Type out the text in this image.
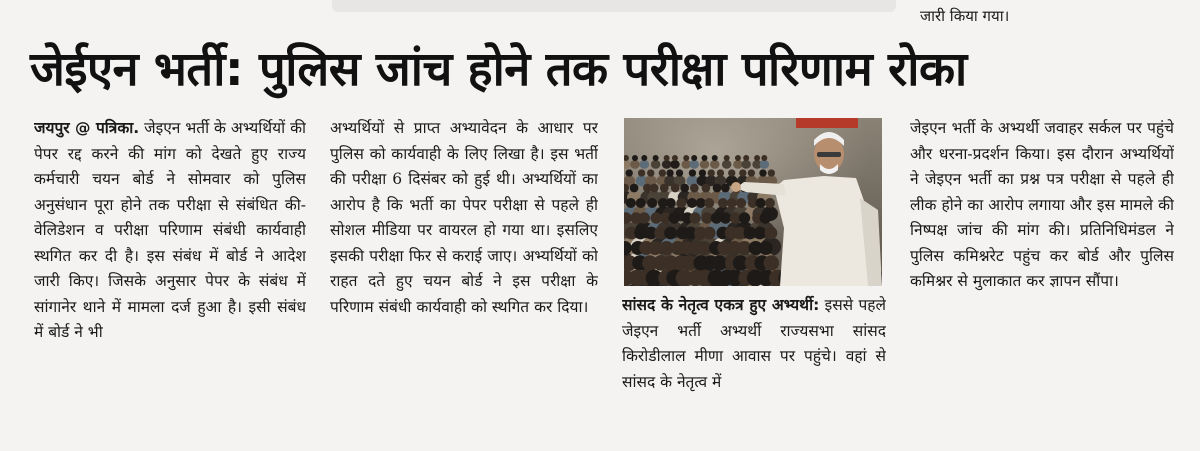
जारी किया गया।
जेईएन भर्ती: पुलिस जांच होने तक परीक्षा परिणाम रोका

जयपुर @ पत्रिका. जेइएन भर्ती के अभ्यर्थियों की पेपर रद्द करने की मांग को देखते हुए राज्य कर्मचारी चयन बोर्ड ने सोमवार को पुलिस अनुसंधान पूरा होने तक परीक्षा से संबंधित की-वेलिडेशन व परीक्षा परिणाम संबंधी कार्यवाही स्थगित कर दी है। इस संबंध में बोर्ड ने आदेश जारी किए। जिसके अनुसार पेपर के संबंध में सांगानेर थाने में मामला दर्ज हुआ है। इसी संबंध में बोर्ड ने भी

अभ्यर्थियों से प्राप्त अभ्यावेदन के आधार पर पुलिस को कार्यवाही के लिए लिखा है। इस भर्ती की परीक्षा 6 दिसंबर को हुई थी। अभ्यर्थियों का आरोप है कि भर्ती का पेपर परीक्षा से पहले ही सोशल मीडिया पर वायरल हो गया था। इसलिए इसकी परीक्षा फिर से कराई जाए। अभ्यर्थियों को राहत दते हुए चयन बोर्ड ने इस परीक्षा के परिणाम संबंधी कार्यवाही को स्थगित कर दिया।	सांसद के नेतृत्व एकत्र हुए अभ्यर्थी: इससे पहले जेइएन भर्ती अभ्यर्थी राज्यसभा सांसद किरोडीलाल मीणा आवास पर पहुंचे। वहां से सांसद के नेतृत्व में

जेइएन भर्ती के अभ्यर्थी जवाहर सर्कल पर पहुंचे और धरना-प्रदर्शन किया। इस दौरान अभ्यर्थियों ने जेइएन भर्ती का प्रश्न पत्र परीक्षा से पहले ही लीक होने का आरोप लगाया और इस मामले की निष्पक्ष जांच की मांग की। प्रतिनिधिमंडल ने पुलिस कमिश्नरेट पहुंच कर बोर्ड और पुलिस कमिश्नर से मुलाकात कर ज्ञापन सौंपा।
